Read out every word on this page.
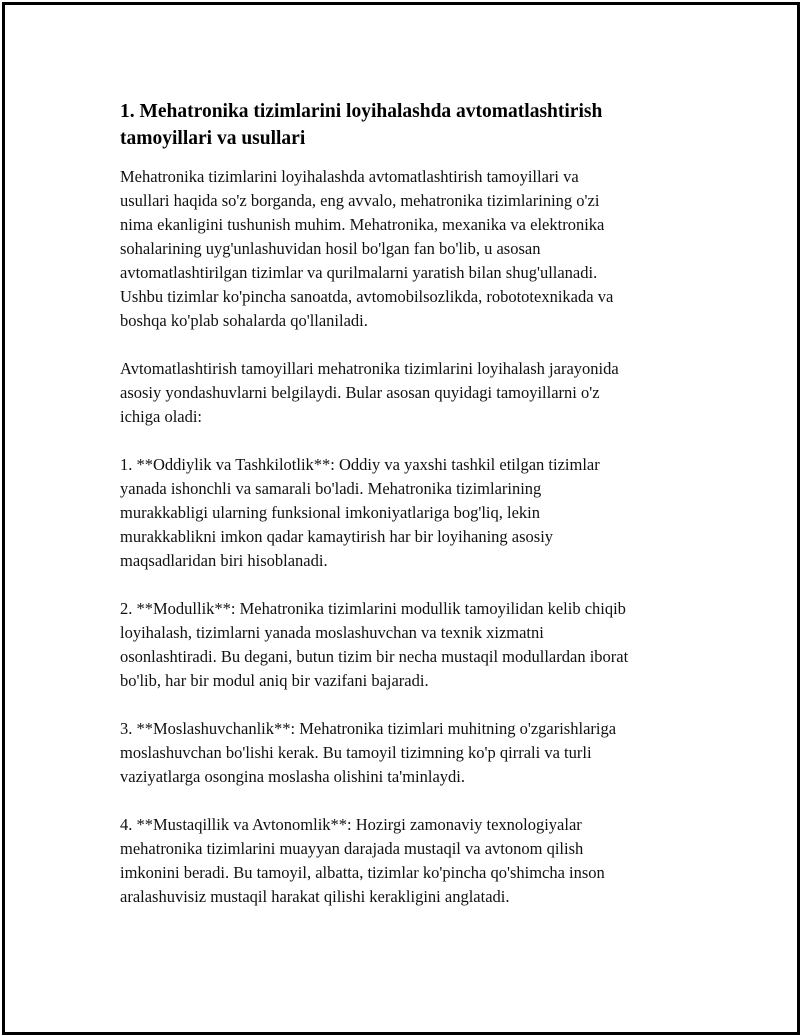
1. Mehatronika tizimlarini loyihalashda avtomatlashtirish
tamoyillari va usullari

Mehatronika tizimlarini loyihalashda avtomatlashtirish tamoyillari va
usullari haqida so'z borganda, eng avvalo, mehatronika tizimlarining o'zi
nima ekanligini tushunish muhim. Mehatronika, mexanika va elektronika
sohalarining uyg'unlashuvidan hosil bo'lgan fan bo'lib, u asosan
avtomatlashtirilgan tizimlar va qurilmalarni yaratish bilan shug'ullanadi.
Ushbu tizimlar ko'pincha sanoatda, avtomobilsozlikda, robototexnikada va
boshqa ko'plab sohalarda qo'llaniladi.

Avtomatlashtirish tamoyillari mehatronika tizimlarini loyihalash jarayonida
asosiy yondashuvlarni belgilaydi. Bular asosan quyidagi tamoyillarni o'z
ichiga oladi:

1. **Oddiylik va Tashkilotlik**: Oddiy va yaxshi tashkil etilgan tizimlar
yanada ishonchli va samarali bo'ladi. Mehatronika tizimlarining
murakkabligi ularning funksional imkoniyatlariga bog'liq, lekin
murakkablikni imkon qadar kamaytirish har bir loyihaning asosiy
maqsadlaridan biri hisoblanadi.

2. **Modullik**: Mehatronika tizimlarini modullik tamoyilidan kelib chiqib
loyihalash, tizimlarni yanada moslashuvchan va texnik xizmatni
osonlashtiradi. Bu degani, butun tizim bir necha mustaqil modullardan iborat
bo'lib, har bir modul aniq bir vazifani bajaradi.

3. **Moslashuvchanlik**: Mehatronika tizimlari muhitning o'zgarishlariga
moslashuvchan bo'lishi kerak. Bu tamoyil tizimning ko'p qirrali va turli
vaziyatlarga osongina moslasha olishini ta'minlaydi.

4. **Mustaqillik va Avtonomlik**: Hozirgi zamonaviy texnologiyalar
mehatronika tizimlarini muayyan darajada mustaqil va avtonom qilish
imkonini beradi. Bu tamoyil, albatta, tizimlar ko'pincha qo'shimcha inson
aralashuvisiz mustaqil harakat qilishi kerakligini anglatadi.
